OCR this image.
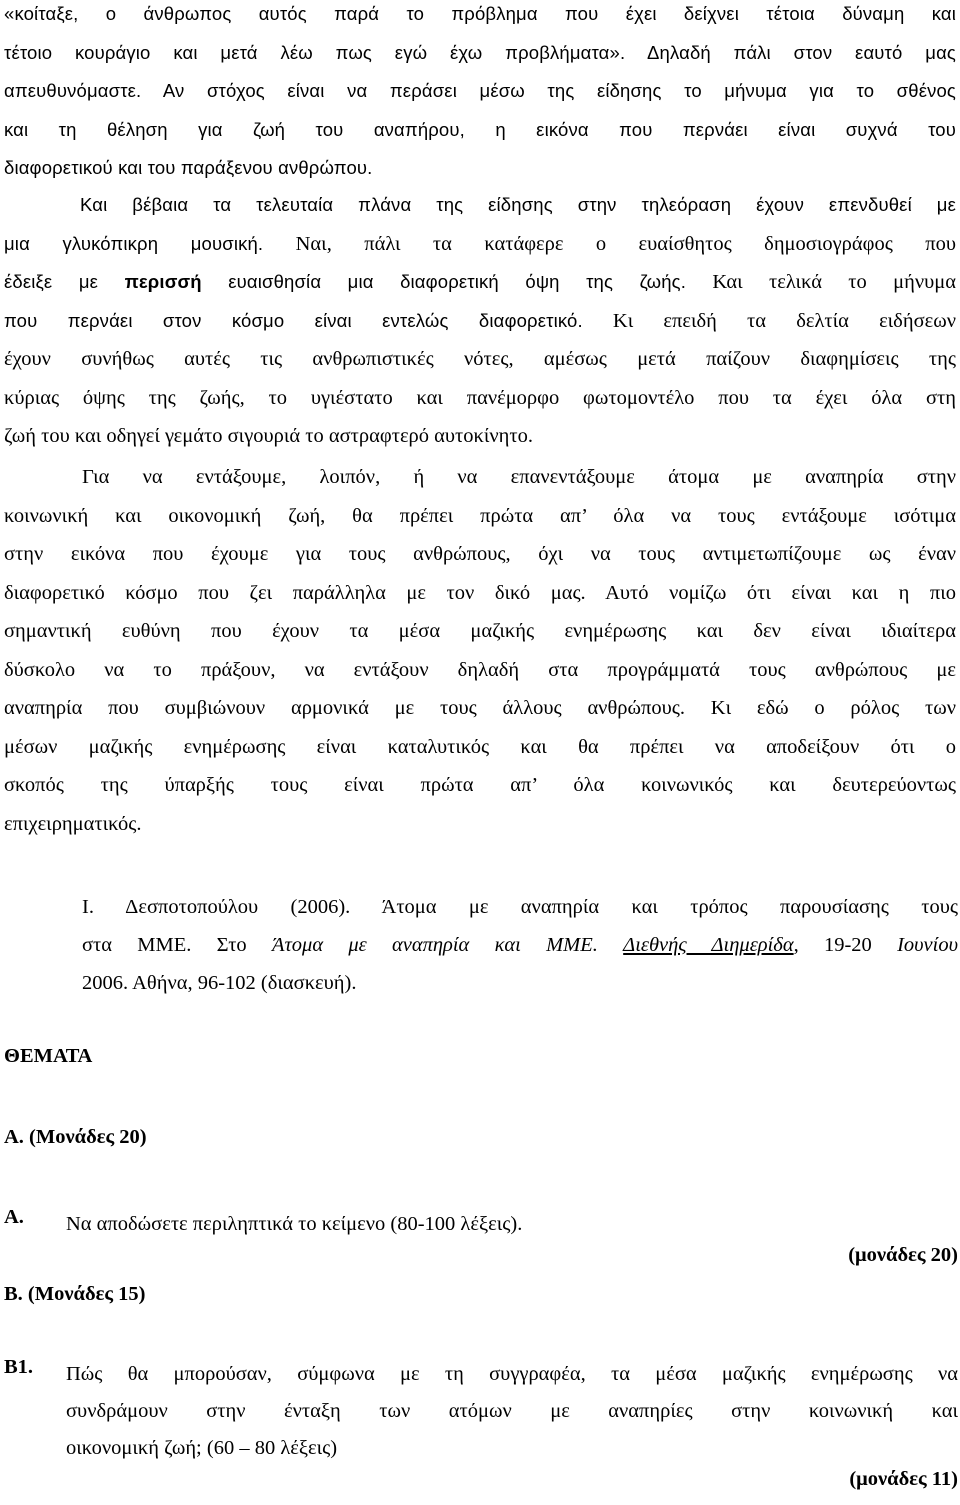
«κοίταξε, ο άνθρωπος αυτός παρά το πρόβλημα που έχει δείχνει τέτοια δύναμη και
τέτοιο κουράγιο και μετά λέω πως εγώ έχω προβλήματα». Δηλαδή πάλι στον εαυτό μας
απευθυνόμαστε. Αν στόχος είναι να περάσει μέσω της είδησης το μήνυμα για το σθένος
και τη θέληση για ζωή του αναπήρου, η εικόνα που περνάει είναι συχνά του
διαφορετικού και του παράξενου ανθρώπου.
Και βέβαια τα τελευταία πλάνα της είδησης στην τηλεόραση έχουν επενδυθεί με
μια γλυκόπικρη μουσική. Ναι, πάλι τα κατάφερε ο ευαίσθητος δημοσιογράφος που
έδειξε με περισσή ευαισθησία μια διαφορετική όψη της ζωής. Και τελικά το μήνυμα
που περνάει στον κόσμο είναι εντελώς διαφορετικό. Κι επειδή τα δελτία ειδήσεων
έχουν συνήθως αυτές τις ανθρωπιστικές νότες, αμέσως μετά παίζουν διαφημίσεις της
κύριας όψης της ζωής, το υγιέστατο και πανέμορφο φωτομοντέλο που τα έχει όλα στη
ζωή του και οδηγεί γεμάτο σιγουριά το αστραφτερό αυτοκίνητο.
Για να εντάξουμε, λοιπόν, ή να επανεντάξουμε άτομα με αναπηρία στην
κοινωνική και οικονομική ζωή, θα πρέπει πρώτα απ’ όλα να τους εντάξουμε ισότιμα
στην εικόνα που έχουμε για τους ανθρώπους, όχι να τους αντιμετωπίζουμε ως έναν
διαφορετικό κόσμο που ζει παράλληλα με τον δικό μας. Αυτό νομίζω ότι είναι και η πιο
σημαντική ευθύνη που έχουν τα μέσα μαζικής ενημέρωσης και δεν είναι ιδιαίτερα
δύσκολο να το πράξουν, να εντάξουν δηλαδή στα προγράμματά τους ανθρώπους με
αναπηρία που συμβιώνουν αρμονικά με τους άλλους ανθρώπους. Κι εδώ ο ρόλος των
μέσων μαζικής ενημέρωσης είναι καταλυτικός και θα πρέπει να αποδείξουν ότι ο
σκοπός της ύπαρξής τους είναι πρώτα απ’ όλα κοινωνικός και δευτερεύοντως
επιχειρηματικός.
Ι. Δεσποτοπούλου (2006). Άτομα με αναπηρία και τρόπος παρουσίασης τους
στα ΜΜΕ. Στο Άτομα με αναπηρία και ΜΜΕ. Διεθνής Διημερίδα, 19-20 Ιουνίου
2006. Αθήνα, 96-102 (διασκευή).
ΘΕΜΑΤΑ
Α. (Μονάδες 20)
Α. Να αποδώσετε περιληπτικά το κείμενο (80-100 λέξεις).
(μονάδες 20)
Β. (Μονάδες 15)
Β1. Πώς θα μπορούσαν, σύμφωνα με τη συγγραφέα, τα μέσα μαζικής ενημέρωσης να
συνδράμουν στην ένταξη των ατόμων με αναπηρίες στην κοινωνική και
οικονομική ζωή; (60 – 80 λέξεις)
(μονάδες 11)
